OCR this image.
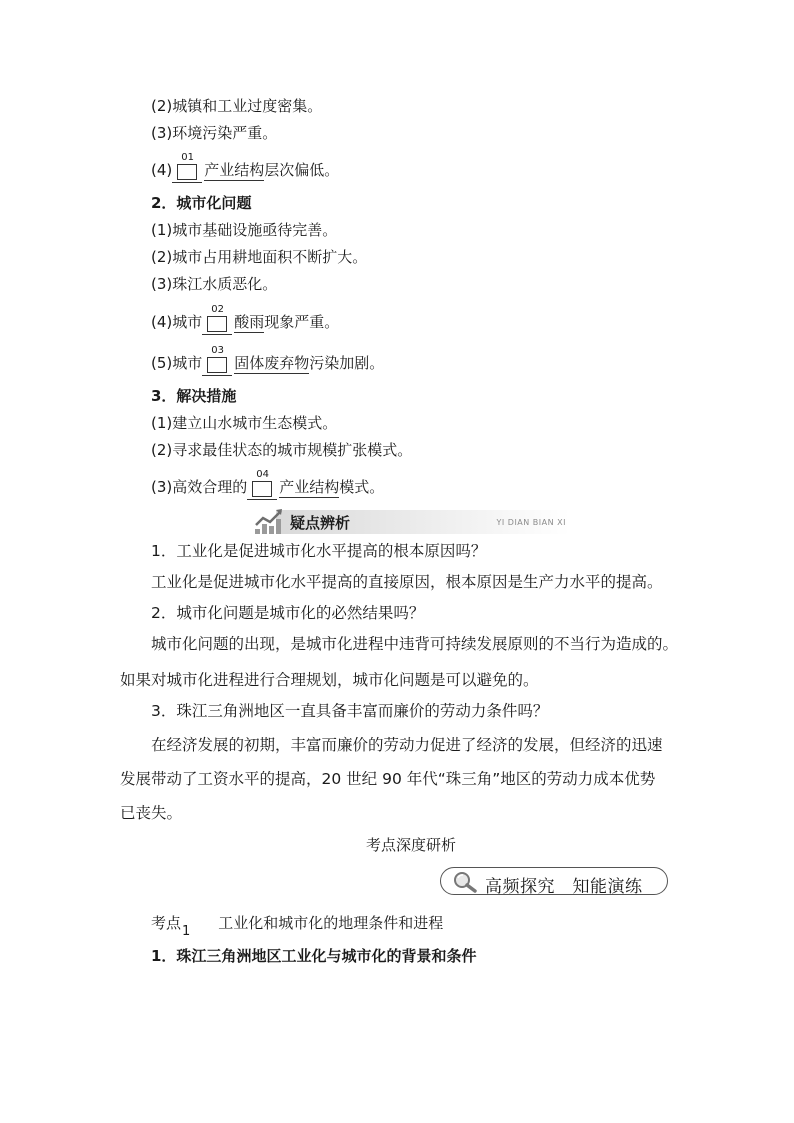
(2)城镇和工业过度密集。
(3)环境污染严重。
(4)
01
产业结构层次偏低。
2．城市化问题
(1)城市基础设施亟待完善。
(2)城市占用耕地面积不断扩大。
(3)珠江水质恶化。
(4)城市
02
酸雨现象严重。
(5)城市
03
固体废弃物污染加剧。
3．解决措施
(1)建立山水城市生态模式。
(2)寻求最佳状态的城市规模扩张模式。
(3)高效合理的
04
产业结构模式。
疑点辨析	YI DIAN BIAN XI
1．工业化是促进城市化水平提高的根本原因吗？
工业化是促进城市化水平提高的直接原因，根本原因是生产力水平的提高。
2．城市化问题是城市化的必然结果吗？
城市化问题的出现，是城市化进程中违背可持续发展原则的不当行为造成的。
如果对城市化进程进行合理规划，城市化问题是可以避免的。
3．珠江三角洲地区一直具备丰富而廉价的劳动力条件吗？
在经济发展的初期，丰富而廉价的劳动力促进了经济的发展，但经济的迅速
发展带动了工资水平的提高，20 世纪 90 年代“珠三角”地区的劳动力成本优势
已丧失。
考点深度研析
高频探究　知能演练
考点1 工业化和城市化的地理条件和进程
1．珠江三角洲地区工业化与城市化的背景和条件
